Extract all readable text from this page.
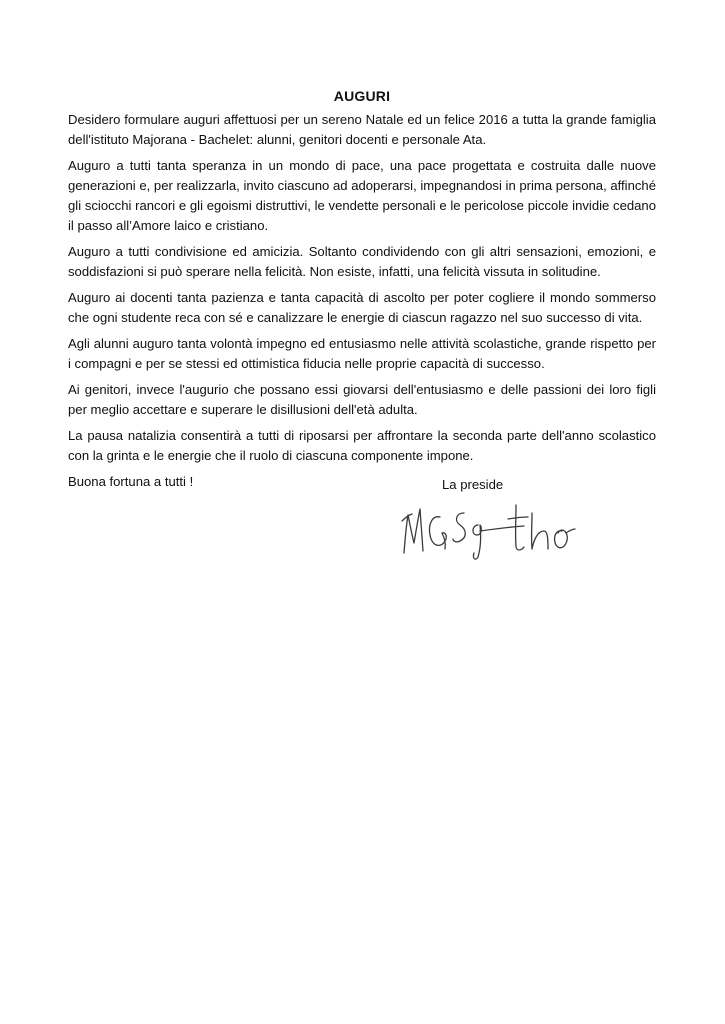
AUGURI

Desidero formulare auguri affettuosi per un sereno Natale ed un felice 2016 a tutta la grande famiglia dell'istituto Majorana - Bachelet: alunni, genitori docenti e personale Ata.

Auguro a tutti tanta speranza in un mondo di pace, una pace progettata e costruita dalle nuove generazioni e, per realizzarla, invito ciascuno ad adoperarsi, impegnandosi in prima persona, affinché gli sciocchi rancori e gli egoismi distruttivi, le vendette personali e le pericolose piccole invidie cedano il passo all’Amore laico e cristiano.

Auguro a tutti condivisione ed amicizia. Soltanto condividendo con gli altri sensazioni, emozioni, e soddisfazioni si può sperare nella felicità. Non esiste, infatti, una felicità vissuta in solitudine.

Auguro ai docenti tanta pazienza e tanta capacità di ascolto per poter cogliere il mondo sommerso che ogni studente reca con sé e canalizzare le energie di ciascun ragazzo nel suo successo di vita.

Agli alunni auguro tanta volontà impegno ed entusiasmo nelle attività scolastiche, grande rispetto per i compagni e per se stessi ed ottimistica fiducia nelle proprie capacità di successo.

Ai genitori, invece l'augurio che possano essi giovarsi dell'entusiasmo e delle passioni dei loro figli per meglio accettare e superare le disillusioni dell'età adulta.

La pausa natalizia consentirà a tutti di riposarsi per affrontare la seconda parte dell'anno scolastico con la grinta e le energie che il ruolo di ciascuna componente impone.

Buona fortuna a tutti !	La preside
